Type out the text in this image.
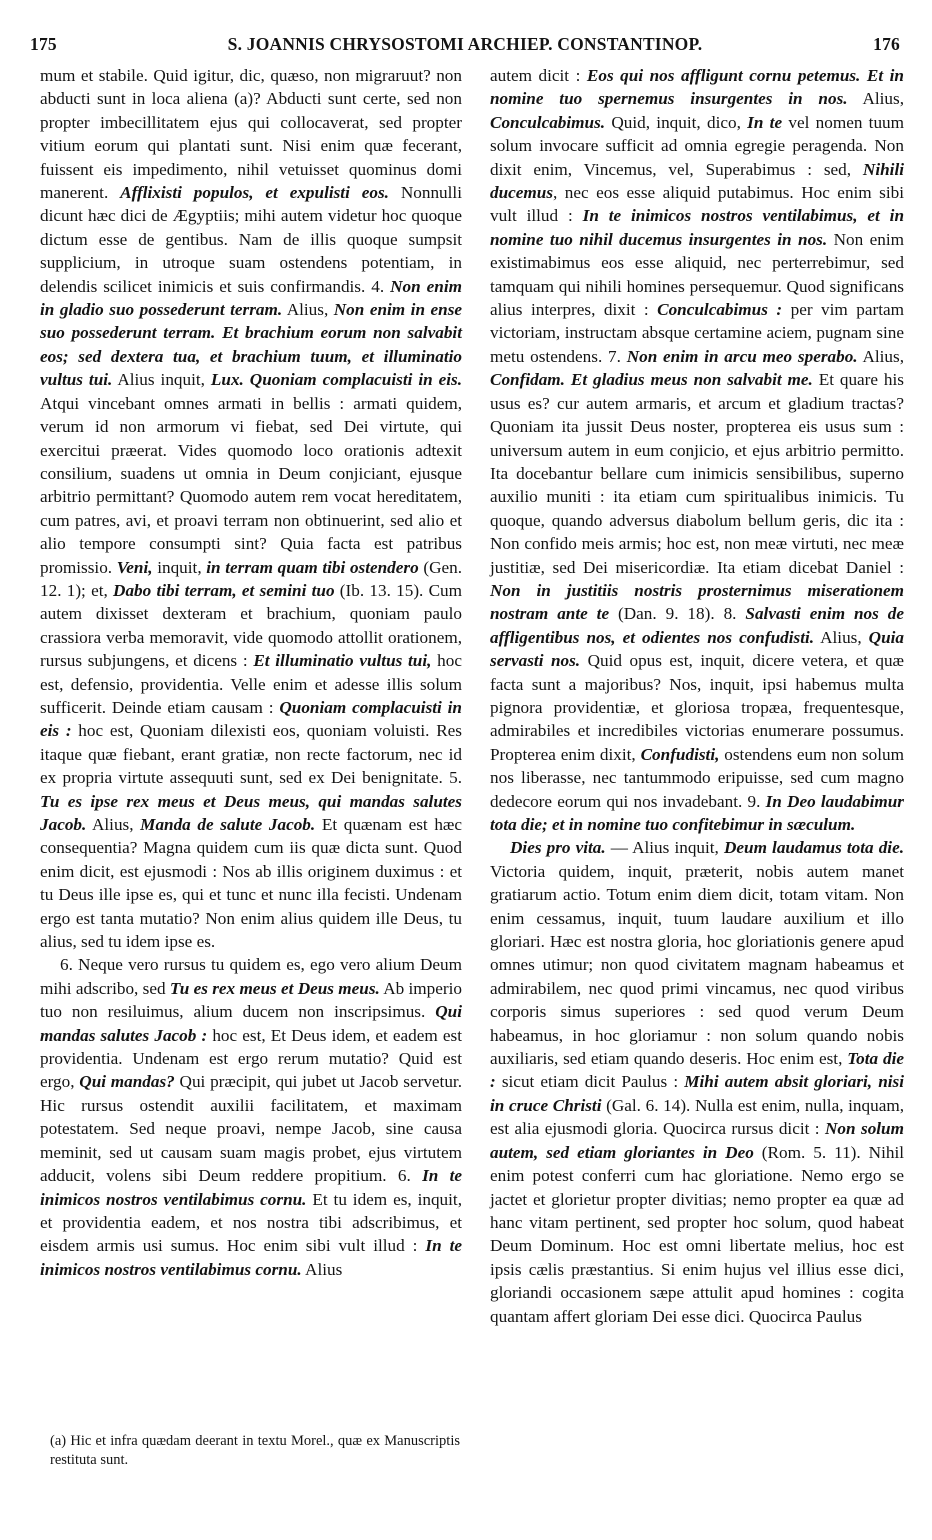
175	S. JOANNIS CHRYSOSTOMI ARCHIEP. CONSTANTINOP.	176

mum et stabile. Quid igitur, dic, quæso, non migraruut? non abducti sunt in loca aliena (a)? Abducti sunt certe, sed non propter imbecillitatem ejus qui collocaverat, sed propter vitium eorum qui plantati sunt. Nisi enim quæ fecerant, fuissent eis impedimento, nihil vetuisset quominus domi manerent. Afflixisti populos, et expulisti eos. Nonnulli dicunt hæc dici de Ægyptiis; mihi autem videtur hoc quoque dictum esse de gentibus. Nam de illis quoque sumpsit supplicium, in utroque suam ostendens potentiam, in delendis scilicet inimicis et suis confirmandis. 4. Non enim in gladio suo possederunt terram. Alius, Non enim in ense suo possederunt terram. Et brachium eorum non salvabit eos; sed dextera tua, et brachium tuum, et illuminatio vultus tui. Alius inquit, Lux. Quoniam complacuisti in eis. Atqui vincebant omnes armati in bellis : armati quidem, verum id non armorum vi fiebat, sed Dei virtute, qui exercitui præerat. Vides quomodo loco orationis adtexit consilium, suadens ut omnia in Deum conjiciant, ejusque arbitrio permittant? Quomodo autem rem vocat hereditatem, cum patres, avi, et proavi terram non obtinuerint, sed alio et alio tempore consumpti sint? Quia facta est patribus promissio. Veni, inquit, in terram quam tibi ostendero (Gen. 12. 1); et, Dabo tibi terram, et semini tuo (Ib. 13. 15). Cum autem dixisset dexteram et brachium, quoniam paulo crassiora verba memoravit, vide quomodo attollit orationem, rursus subjungens, et dicens : Et illuminatio vultus tui, hoc est, defensio, providentia. Velle enim et adesse illis solum sufficerit. Deinde etiam causam : Quoniam complacuisti in eis : hoc est, Quoniam dilexisti eos, quoniam voluisti. Res itaque quæ fiebant, erant gratiæ, non recte factorum, nec id ex propria virtute assequuti sunt, sed ex Dei benignitate. 5. Tu es ipse rex meus et Deus meus, qui mandas salutes Jacob. Alius, Manda de salute Jacob. Et quænam est hæc consequentia? Magna quidem cum iis quæ dicta sunt. Quod enim dicit, est ejusmodi : Nos ab illis originem duximus : et tu Deus ille ipse es, qui et tunc et nunc illa fecisti. Undenam ergo est tanta mutatio? Non enim alius quidem ille Deus, tu alius, sed tu idem ipse es.

6. Neque vero rursus tu quidem es, ego vero alium Deum mihi adscribo, sed Tu es rex meus et Deus meus. Ab imperio tuo non resiluimus, alium ducem non inscripsimus. Qui mandas salutes Jacob : hoc est, Et Deus idem, et eadem est providentia. Undenam est ergo rerum mutatio? Quid est ergo, Qui mandas? Qui præcipit, qui jubet ut Jacob servetur. Hic rursus ostendit auxilii facilitatem, et maximam potestatem. Sed neque proavi, nempe Jacob, sine causa meminit, sed ut causam suam magis probet, ejus virtutem adducit, volens sibi Deum reddere propitium. 6. In te inimicos nostros ventilabimus cornu. Et tu idem es, inquit, et providentia eadem, et nos nostra tibi adscribimus, et eisdem armis usi sumus. Hoc enim sibi vult illud : In te inimicos nostros ventilabimus cornu. Alius

autem dicit : Eos qui nos affligunt cornu petemus. Et in nomine tuo spernemus insurgentes in nos. Alius, Conculcabimus. Quid, inquit, dico, In te vel nomen tuum solum invocare sufficit ad omnia egregie peragenda. Non dixit enim, Vincemus, vel, Superabimus : sed, Nihili ducemus, nec eos esse aliquid putabimus. Hoc enim sibi vult illud : In te inimicos nostros ventilabimus, et in nomine tuo nihil ducemus insurgentes in nos. Non enim existimabimus eos esse aliquid, nec perterrebimur, sed tamquam qui nihili homines persequemur. Quod significans alius interpres, dixit : Conculcabimus : per vim partam victoriam, instructam absque certamine aciem, pugnam sine metu ostendens. 7. Non enim in arcu meo sperabo. Alius, Confidam. Et gladius meus non salvabit me. Et quare his usus es? cur autem armaris, et arcum et gladium tractas? Quoniam ita jussit Deus noster, propterea eis usus sum : universum autem in eum conjicio, et ejus arbitrio permitto. Ita docebantur bellare cum inimicis sensibilibus, superno auxilio muniti : ita etiam cum spiritualibus inimicis. Tu quoque, quando adversus diabolum bellum geris, dic ita : Non confido meis armis; hoc est, non meæ virtuti, nec meæ justitiæ, sed Dei misericordiæ. Ita etiam dicebat Daniel : Non in justitiis nostris prosternimus miserationem nostram ante te (Dan. 9. 18). 8. Salvasti enim nos de affligentibus nos, et odientes nos confudisti. Alius, Quia servasti nos. Quid opus est, inquit, dicere vetera, et quæ facta sunt a majoribus? Nos, inquit, ipsi habemus multa pignora providentiæ, et gloriosa tropæa, frequentesque, admirabiles et incredibiles victorias enumerare possumus. Propterea enim dixit, Confudisti, ostendens eum non solum nos liberasse, nec tantummodo eripuisse, sed cum magno dedecore eorum qui nos invadebant. 9. In Deo laudabimur tota die; et in nomine tuo confitebimur in sæculum.

Dies pro vita. — Alius inquit, Deum laudamus tota die. Victoria quidem, inquit, præterit, nobis autem manet gratiarum actio. Totum enim diem dicit, totam vitam. Non enim cessamus, inquit, tuum laudare auxilium et illo gloriari. Hæc est nostra gloria, hoc gloriationis genere apud omnes utimur; non quod civitatem magnam habeamus et admirabilem, nec quod primi vincamus, nec quod viribus corporis simus superiores : sed quod verum Deum habeamus, in hoc gloriamur : non solum quando nobis auxiliaris, sed etiam quando deseris. Hoc enim est, Tota die : sicut etiam dicit Paulus : Mihi autem absit gloriari, nisi in cruce Christi (Gal. 6. 14). Nulla est enim, nulla, inquam, est alia ejusmodi gloria. Quocirca rursus dicit : Non solum autem, sed etiam gloriantes in Deo (Rom. 5. 11). Nihil enim potest conferri cum hac gloriatione. Nemo ergo se jactet et glorietur propter divitias; nemo propter ea quæ ad hanc vitam pertinent, sed propter hoc solum, quod habeat Deum Dominum. Hoc est omni libertate melius, hoc est ipsis cælis præstantius. Si enim hujus vel illius esse dici, gloriandi occasionem sæpe attulit apud homines : cogita quantam affert gloriam Dei esse dici. Quocirca Paulus

(a) Hic et infra quædam deerant in textu Morel., quæ ex Manuscriptis restituta sunt.
